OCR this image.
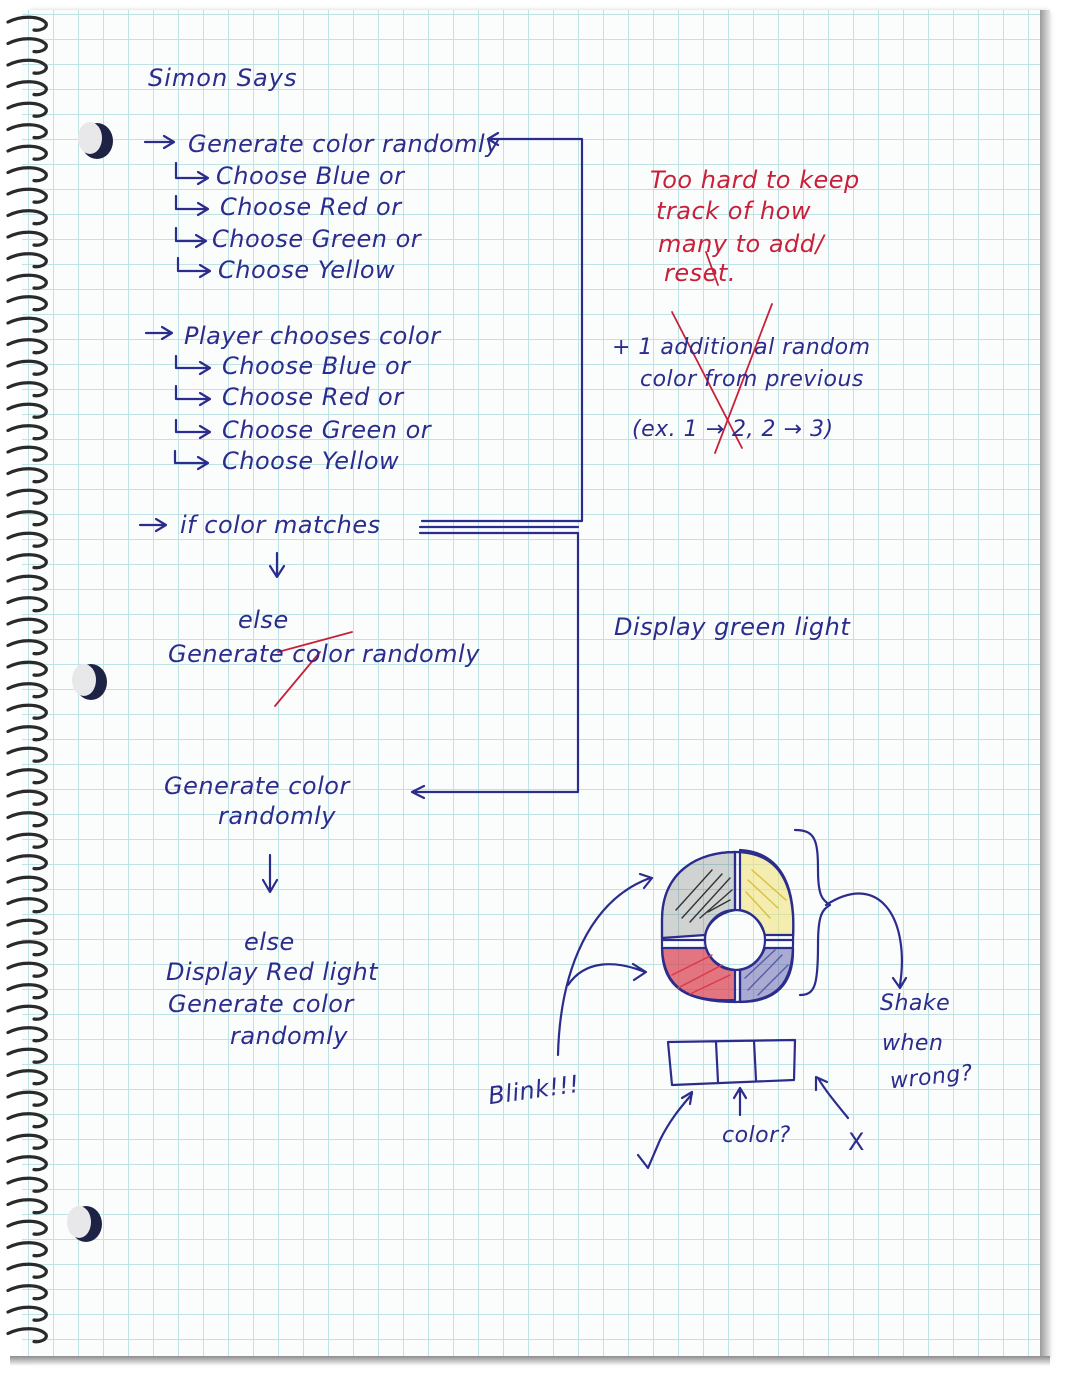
Simon Says
Generate color randomly
Choose Blue or
Choose Red or
Choose Green or
Choose Yellow
Player chooses color
Choose Blue or
Choose Red or
Choose Green or
Choose Yellow
if color matches
else
Generate color randomly
Generate color
randomly
else
Display Red light
Generate color
randomly
Too hard to keep
track of how
many to add/
reset.
+ 1 additional random
color from previous
(ex. 1 → 2, 2 → 3)
Display green light
Blink!!!
Shake
when
wrong?
color? X
